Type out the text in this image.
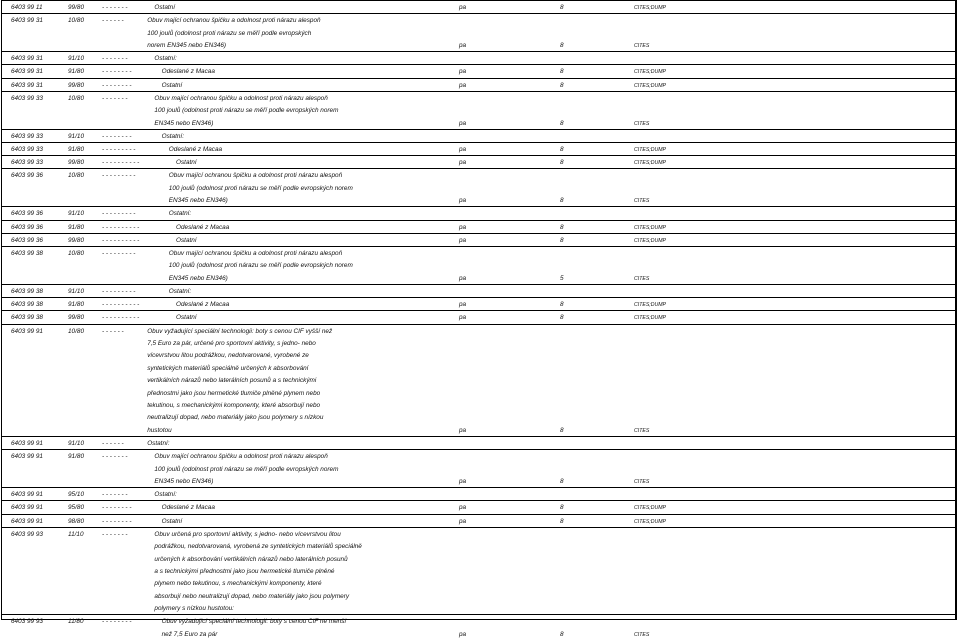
6403 99 11	99/80	- - - - - - -	Ostatní	pa	8	CITES;DUMP
6403 99 31	10/80	- - - - - -	Obuv mající ochranou špičku a odolnost proti nárazu alespoň
100 joulů (odolnost proti nárazu se měří podle evropských
norem EN345 nebo EN346)	pa	8	CITES
6403 99 31	91/10	- - - - - - -	Ostatní:
6403 99 31	91/80	- - - - - - - -	Odeslané z Macaa	pa	8	CITES;DUMP
6403 99 31	99/80	- - - - - - - -	Ostatní	pa	8	CITES;DUMP
6403 99 33	10/80	- - - - - - -	Obuv mající ochranou špičku a odolnost proti nárazu alespoň
100 joulů (odolnost proti nárazu se měří podle evropských norem
EN345 nebo EN346)	pa	8	CITES
6403 99 33	91/10	- - - - - - - -	Ostatní:
6403 99 33	91/80	- - - - - - - - -	Odeslané z Macaa	pa	8	CITES;DUMP
6403 99 33	99/80	- - - - - - - - - -	Ostatní	pa	8	CITES;DUMP
6403 99 36	10/80	- - - - - - - - -	Obuv mající ochranou špičku a odolnost proti nárazu alespoň
100 joulů (odolnost proti nárazu se měří podle evropských norem
EN345 nebo EN346)	pa	8	CITES
6403 99 36	91/10	- - - - - - - - -	Ostatní:
6403 99 36	91/80	- - - - - - - - - -	Odeslané z Macaa	pa	8	CITES;DUMP
6403 99 36	99/80	- - - - - - - - - -	Ostatní	pa	8	CITES;DUMP
6403 99 38	10/80	- - - - - - - - -	Obuv mající ochranou špičku a odolnost proti nárazu alespoň
100 joulů (odolnost proti nárazu se měří podle evropských norem
EN345 nebo EN346)	pa	5	CITES
6403 99 38	91/10	- - - - - - - - -	Ostatní:
6403 99 38	91/80	- - - - - - - - - -	Odeslané z Macaa	pa	8	CITES;DUMP
6403 99 38	99/80	- - - - - - - - - -	Ostatní	pa	8	CITES;DUMP
6403 99 91	10/80	- - - - - -	Obuv vyžadující speciální technologii: boty s cenou CIF vyšší než
7,5 Euro za pár, určené pro sportovní aktivity, s jedno- nebo
vícevrstvou litou podrážkou, nedotvarované, vyrobené ze
syntetických materiálů speciálně určených k absorbování
vertikálních nárazů nebo laterálních posunů a s technickými
přednostmi jako jsou hermetické tlumiče plněné plynem nebo
tekutinou, s mechanickými komponenty, které absorbují nebo
neutralizují dopad, nebo materiály jako jsou polymery s nízkou
hustotou	pa	8	CITES
6403 99 91	91/10	- - - - - -	Ostatní:
6403 99 91	91/80	- - - - - - -	Obuv mající ochranou špičku a odolnost proti nárazu alespoň
100 joulů (odolnost proti nárazu se měří podle evropských norem
EN345 nebo EN346)	pa	8	CITES
6403 99 91	95/10	- - - - - - -	Ostatní:
6403 99 91	95/80	- - - - - - - -	Odeslané z Macaa	pa	8	CITES;DUMP
6403 99 91	98/80	- - - - - - - -	Ostatní	pa	8	CITES;DUMP
6403 99 93	11/10	- - - - - - -	Obuv určená pro sportovní aktivity, s jedno- nebo vícevrstvou litou
podrážkou, nedotvarovaná, vyrobená ze syntetických materiálů speciálně
určených k absorbování vertikálních nárazů nebo laterálních posunů
a s technickými přednostmi jako jsou hermetické tlumiče plněné
plynem nebo tekutinou, s mechanickými komponenty, které
absorbují nebo neutralizují dopad, nebo materiály jako jsou polymery
polymery s nízkou hustotou:
6403 99 93	11/80	- - - - - - - -	Obuv vyžadující speciální technologii: boty s cenou CIF ne menší
než 7,5 Euro za pár	pa	8	CITES
